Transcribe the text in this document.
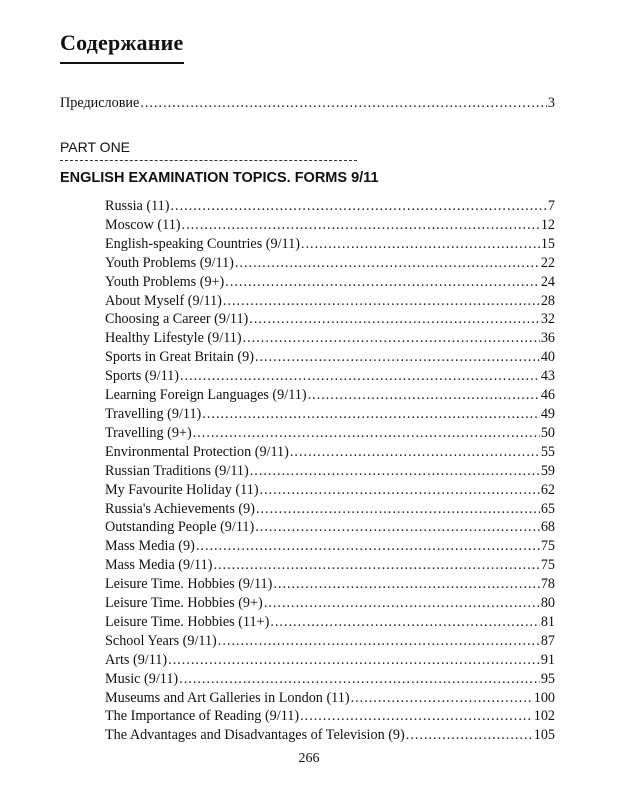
Содержание
Предисловие .....	3
PART ONE
ENGLISH EXAMINATION TOPICS. FORMS 9/11
Russia (11) .....	7
Moscow (11) .....	12
English-speaking Countries (9/11) .....	15
Youth Problems (9/11) .....	22
Youth Problems (9+) .....	24
About Myself (9/11) .....	28
Choosing a Career (9/11) .....	32
Healthy Lifestyle (9/11) .....	36
Sports in Great Britain (9) .....	40
Sports (9/11) .....	43
Learning Foreign Languages (9/11) .....	46
Travelling (9/11) .....	49
Travelling (9+) .....	50
Environmental Protection (9/11) .....	55
Russian Traditions (9/11) .....	59
My Favourite Holiday (11) .....	62
Russia's Achievements (9) .....	65
Outstanding People (9/11) .....	68
Mass Media (9) .....	75
Mass Media (9/11) .....	75
Leisure Time. Hobbies (9/11) .....	78
Leisure Time. Hobbies (9+) .....	80
Leisure Time. Hobbies (11+) .....	81
School Years (9/11) .....	87
Arts (9/11) .....	91
Music (9/11) .....	95
Museums and Art Galleries in London (11) .....	100
The Importance of Reading (9/11) .....	102
The Advantages and Disadvantages of Television (9) .....	105
266
